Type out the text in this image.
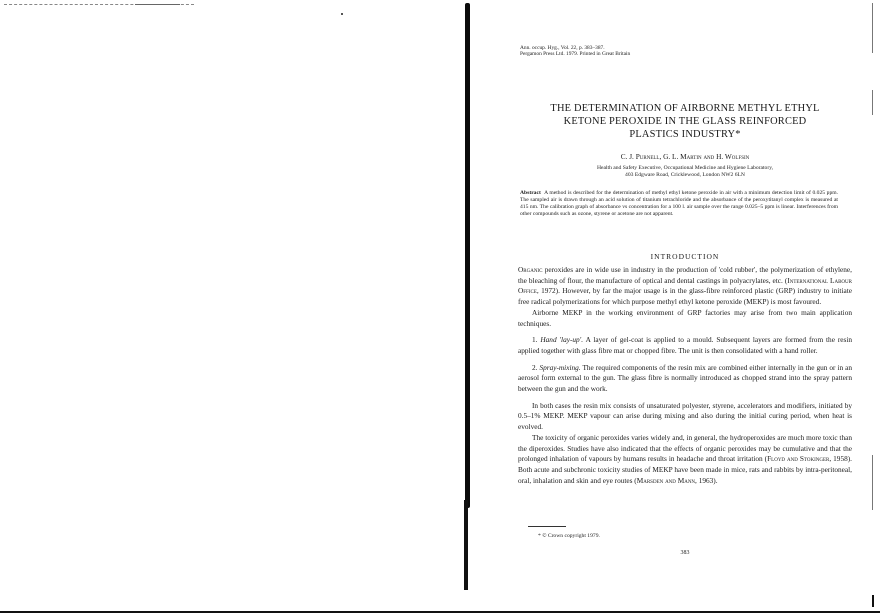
Ann. occup. Hyg., Vol. 22, p. 383–387.
Pergamon Press Ltd. 1979. Printed in Great Britain
THE DETERMINATION OF AIRBORNE METHYL ETHYL
KETONE PEROXIDE IN THE GLASS REINFORCED
PLASTICS INDUSTRY*
C. J. Purnell, G. L. Martin and H. Wolfsin
Health and Safety Executive, Occupational Medicine and Hygiene Laboratory,
403 Edgware Road, Cricklewood, London NW2 6LN
Abstract A method is described for the determination of methyl ethyl ketone peroxide in air with a minimum detection limit of 0.025 ppm. The sampled air is drawn through an acid solution of titanium tetrachloride and the absorbance of the peroxytitanyl complex is measured at 415 nm. The calibration graph of absorbance vs concentration for a 100 l. air sample over the range 0.025–5 ppm is linear. Interferences from other compounds such as ozone, styrene or acetone are not apparent.
INTRODUCTION

Organic peroxides are in wide use in industry in the production of 'cold rubber', the polymerization of ethylene, the bleaching of flour, the manufacture of optical and dental castings in polyacrylates, etc. (International Labour Office, 1972). However, by far the major usage is in the glass-fibre reinforced plastic (GRP) industry to initiate free radical polymerizations for which purpose methyl ethyl ketone peroxide (MEKP) is most favoured.

Airborne MEKP in the working environment of GRP factories may arise from two main application techniques.

1. Hand 'lay-up'. A layer of gel-coat is applied to a mould. Subsequent layers are formed from the resin applied together with glass fibre mat or chopped fibre. The unit is then consolidated with a hand roller.

2. Spray-mixing. The required components of the resin mix are combined either internally in the gun or in an aerosol form external to the gun. The glass fibre is normally introduced as chopped strand into the spray pattern between the gun and the work.

In both cases the resin mix consists of unsaturated polyester, styrene, accelerators and modifiers, initiated by 0.5–1% MEKP. MEKP vapour can arise during mixing and also during the initial curing period, when heat is evolved.

The toxicity of organic peroxides varies widely and, in general, the hydroperoxides are much more toxic than the diperoxides. Studies have also indicated that the effects of organic peroxides may be cumulative and that the prolonged inhalation of vapours by humans results in headache and throat irritation (Floyd and Stokinger, 1958). Both acute and subchronic toxicity studies of MEKP have been made in mice, rats and rabbits by intra-peritoneal, oral, inhalation and skin and eye routes (Marsden and Mann, 1963).

* © Crown copyright 1979.
383
